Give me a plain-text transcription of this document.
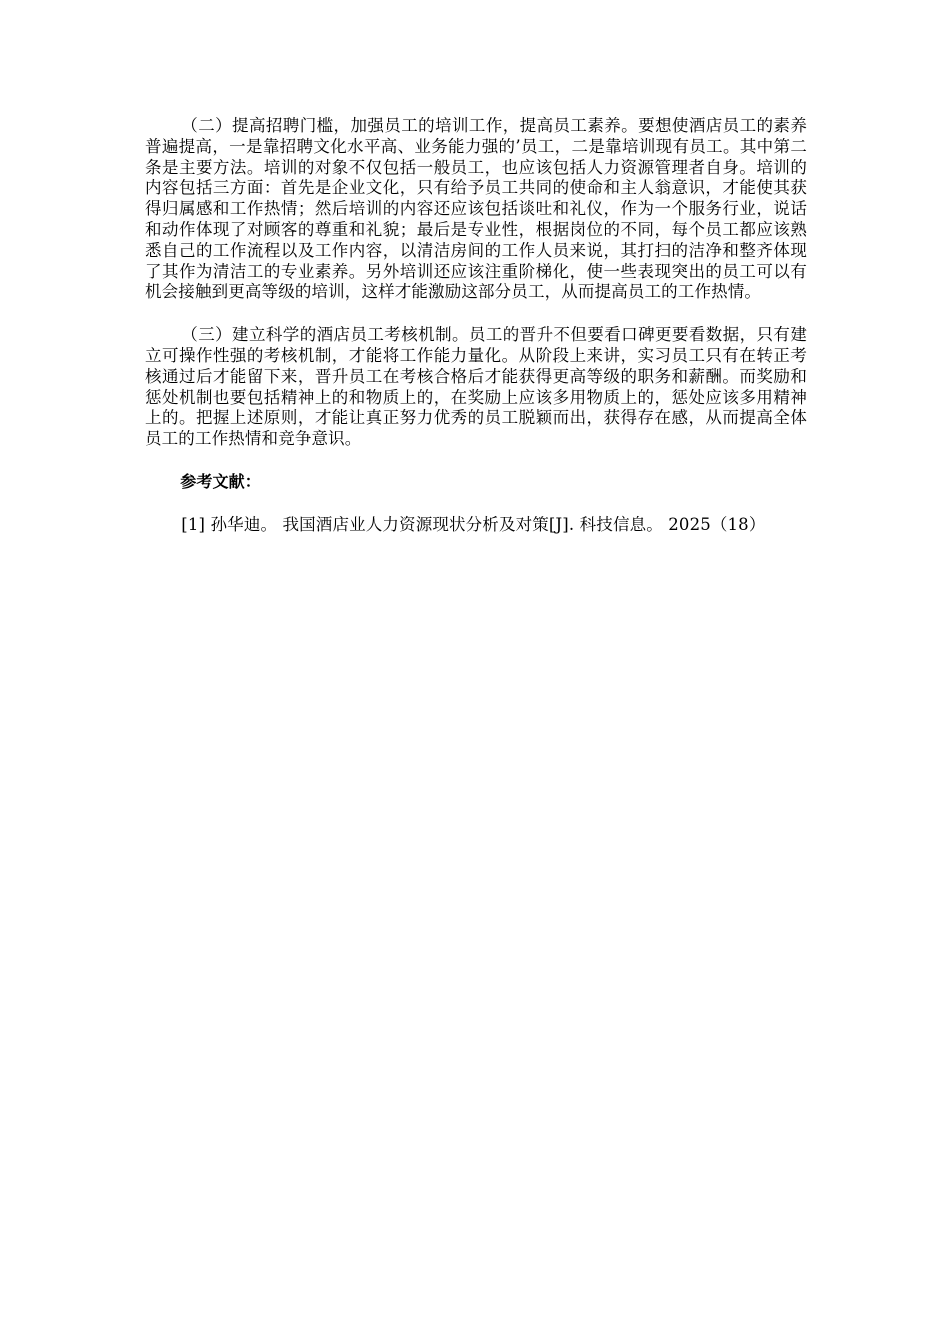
（二）提高招聘门槛，加强员工的培训工作，提高员工素养。要想使酒店员工的素养普遍提高，一是靠招聘文化水平高、业务能力强的’员工，二是靠培训现有员工。其中第二条是主要方法。培训的对象不仅包括一般员工，也应该包括人力资源管理者自身。培训的内容包括三方面：首先是企业文化，只有给予员工共同的使命和主人翁意识，才能使其获得归属感和工作热情；然后培训的内容还应该包括谈吐和礼仪，作为一个服务行业，说话和动作体现了对顾客的尊重和礼貌；最后是专业性，根据岗位的不同，每个员工都应该熟悉自己的工作流程以及工作内容，以清洁房间的工作人员来说，其打扫的洁净和整齐体现了其作为清洁工的专业素养。另外培训还应该注重阶梯化，使一些表现突出的员工可以有机会接触到更高等级的培训，这样才能激励这部分员工，从而提高员工的工作热情。

（三）建立科学的酒店员工考核机制。员工的晋升不但要看口碑更要看数据，只有建立可操作性强的考核机制，才能将工作能力量化。从阶段上来讲，实习员工只有在转正考核通过后才能留下来，晋升员工在考核合格后才能获得更高等级的职务和薪酬。而奖励和惩处机制也要包括精神上的和物质上的，在奖励上应该多用物质上的，惩处应该多用精神上的。把握上述原则，才能让真正努力优秀的员工脱颖而出，获得存在感，从而提高全体员工的工作热情和竞争意识。

参考文献：

[1] 孙华迪。 我国酒店业人力资源现状分析及对策[J]. 科技信息。 2025（18）
